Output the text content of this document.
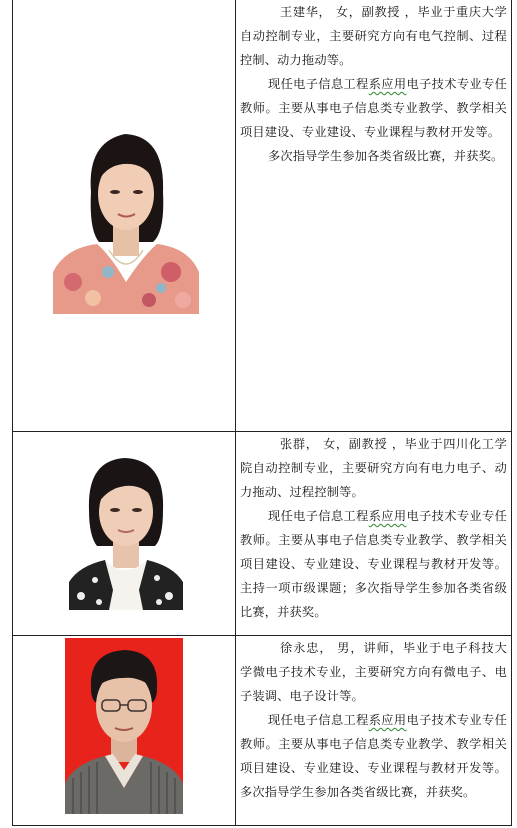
王建华， 女，副教授 ，毕业于重庆大学自动控制专业，主要研究方向有电气控制、过程控制、动力拖动等。

现任电子信息工程系应用电子技术专业专任教师。主要从事电子信息类专业教学、教学相关项目建设、专业建设、专业课程与教材开发等。

多次指导学生参加各类省级比赛，并获奖。

张群， 女，副教授 ，毕业于四川化工学院自动控制专业，主要研究方向有电力电子、动力拖动、过程控制等。

现任电子信息工程系应用电子技术专业专任教师。主要从事电子信息类专业教学、教学相关项目建设、专业建设、专业课程与教材开发等。主持一项市级课题；多次指导学生参加各类省级比赛，并获奖。

徐永忠， 男，讲师，毕业于电子科技大学微电子技术专业，主要研究方向有微电子、电子装调、电子设计等。

现任电子信息工程系应用电子技术专业专任教师。主要从事电子信息类专业教学、教学相关项目建设、专业建设、专业课程与教材开发等。多次指导学生参加各类省级比赛，并获奖。
